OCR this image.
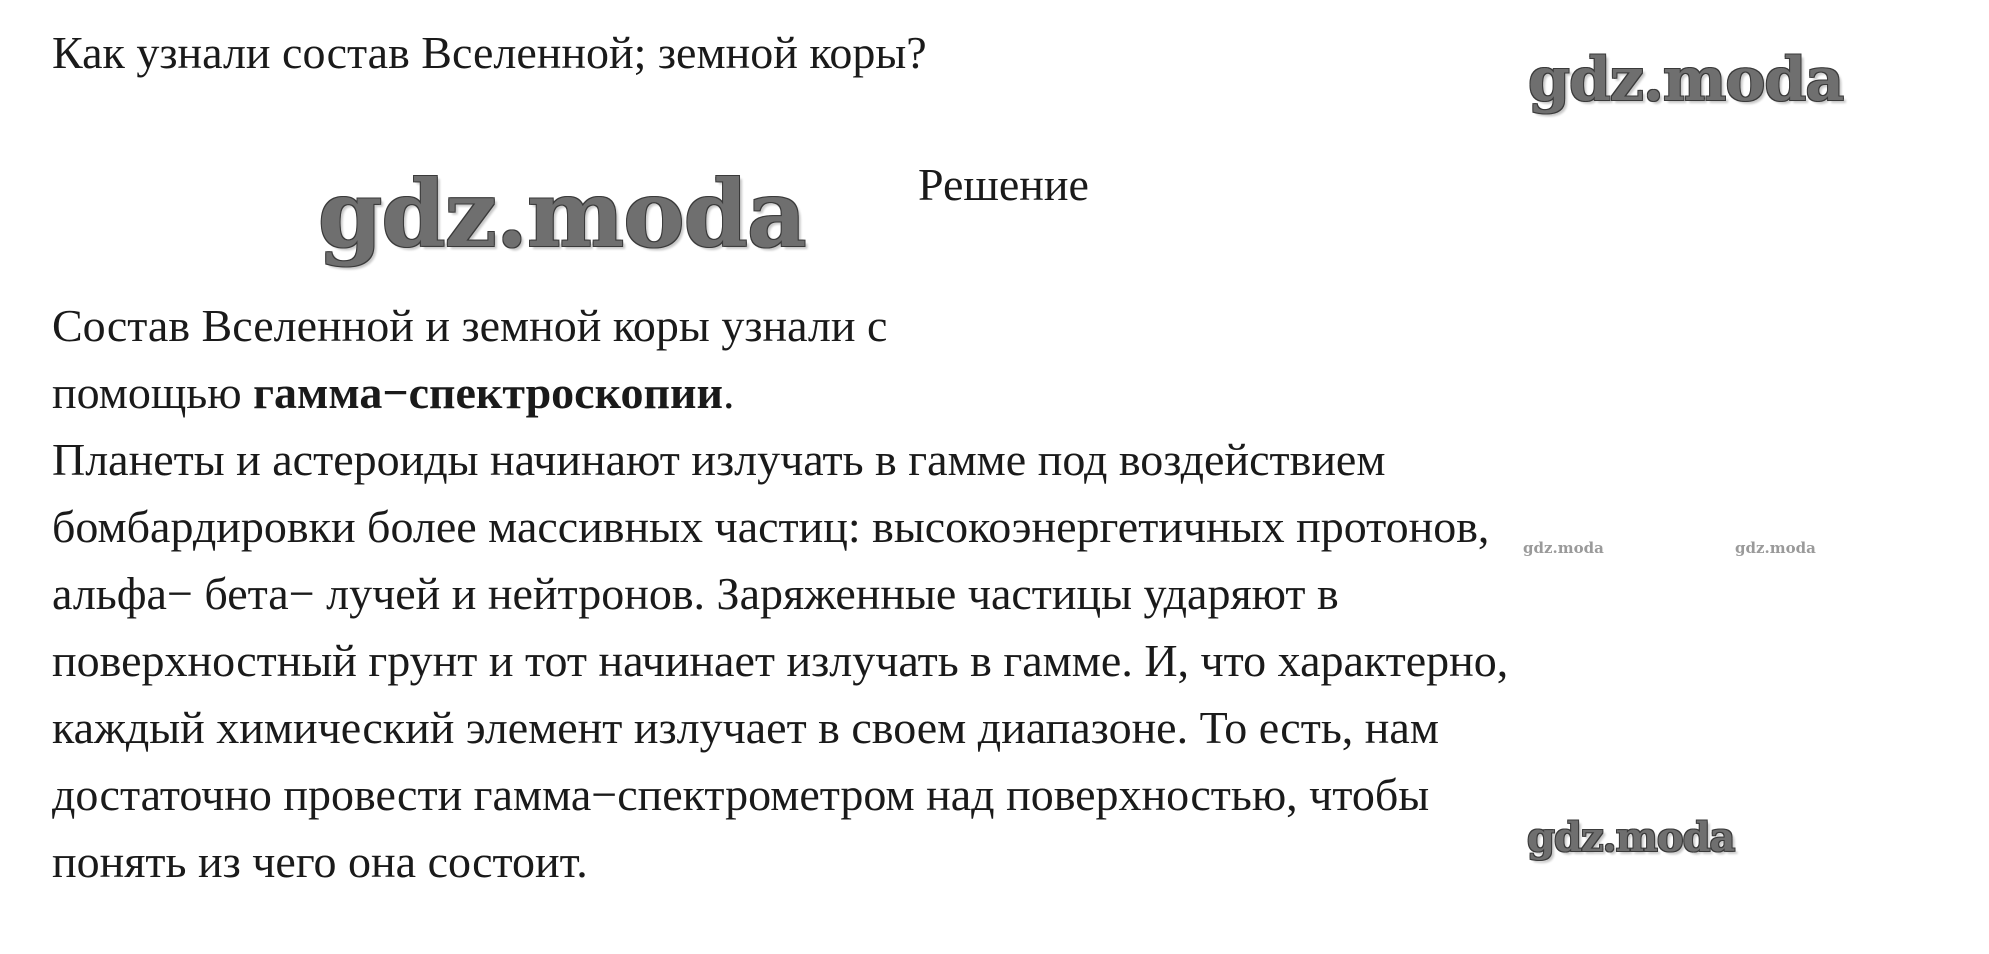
Как узнали состав Вселенной; земной коры?	gdz.moda
gdz.moda Решение
Состав Вселенной и земной коры узнали с
помощью гамма−спектроскопии.
Планеты и астероиды начинают излучать в гамме под воздействием
бомбардировки более массивных частиц: высокоэнергетичных протонов,
альфа− бета− лучей и нейтронов. Заряженные частицы ударяют в
поверхностный грунт и тот начинает излучать в гамме. И, что характерно,
каждый химический элемент излучает в своем диапазоне. То есть, нам
достаточно провести гамма−спектрометром над поверхностью, чтобы
понять из чего она состоит.
gdz.moda	gdz.moda
gdz.moda
